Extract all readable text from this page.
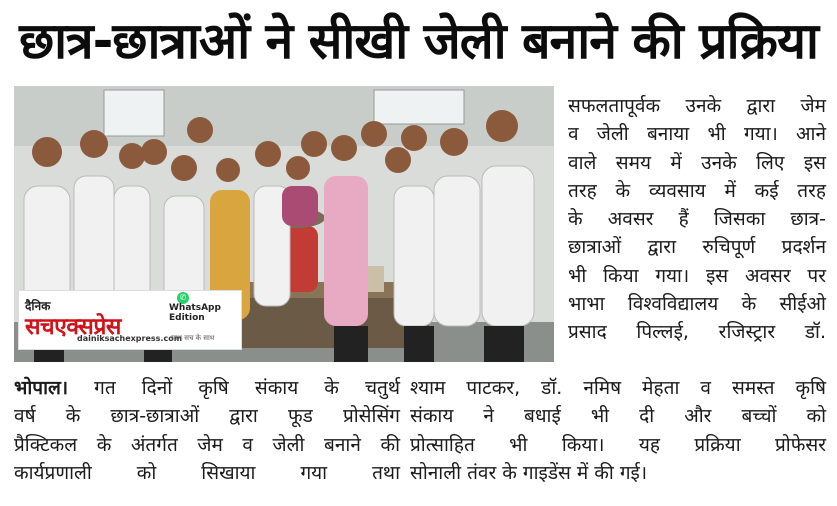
छात्र-छात्राओं ने सीखी जेली बनाने की प्रक्रिया
दैनिक
✆
WhatsApp Edition
सचएक्सप्रेस
dainiksachexpress.com
साथ सच के साथ
सफलतापूर्वक उनके द्वारा जेम
व जेली बनाया भी गया। आने
वाले समय में उनके लिए इस
तरह के व्यवसाय में कई तरह
के अवसर हैं जिसका छात्र-
छात्राओं द्वारा रुचिपूर्ण प्रदर्शन
भी किया गया। इस अवसर पर
भाभा विश्वविद्यालय के सीईओ
प्रसाद पिल्लई, रजिस्ट्रार डॉ.
भोपाल। गत दिनों कृषि संकाय के चतुर्थ
वर्ष के छात्र-छात्राओं द्वारा फूड प्रोसेसिंग
प्रैक्टिकल के अंतर्गत जेम व जेली बनाने की
कार्यप्रणाली को सिखाया गया तथा
श्याम पाटकर, डॉ. नमिष मेहता व समस्त कृषि
संकाय ने बधाई भी दी और बच्चों को
प्रोत्साहित भी किया। यह प्रक्रिया प्रोफेसर
सोनाली तंवर के गाइडेंस में की गई।
